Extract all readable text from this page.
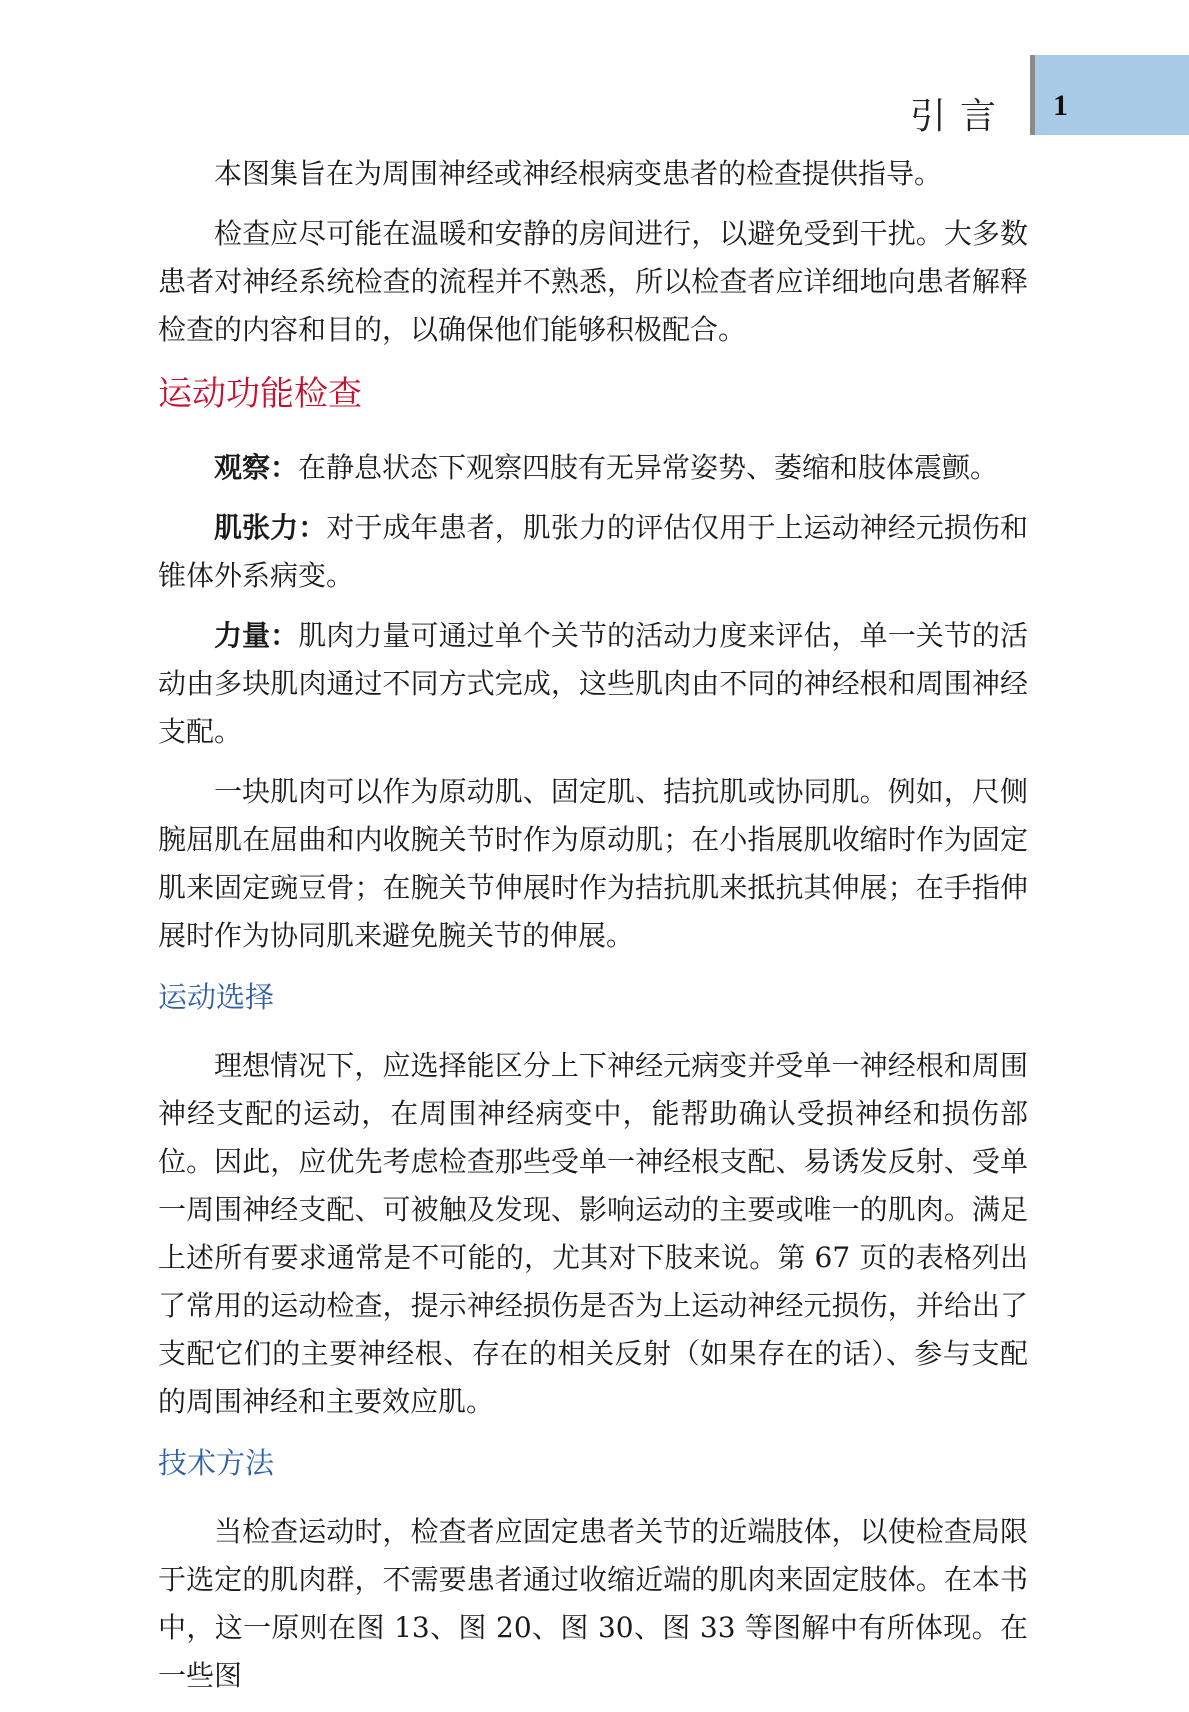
引言 1

本图集旨在为周围神经或神经根病变患者的检查提供指导。

检查应尽可能在温暖和安静的房间进行，以避免受到干扰。大多数患者对神经系统检查的流程并不熟悉，所以检查者应详细地向患者解释检查的内容和目的，以确保他们能够积极配合。

运动功能检查

观察：在静息状态下观察四肢有无异常姿势、萎缩和肢体震颤。

肌张力：对于成年患者，肌张力的评估仅用于上运动神经元损伤和锥体外系病变。

力量：肌肉力量可通过单个关节的活动力度来评估，单一关节的活动由多块肌肉通过不同方式完成，这些肌肉由不同的神经根和周围神经支配。

一块肌肉可以作为原动肌、固定肌、拮抗肌或协同肌。例如，尺侧腕屈肌在屈曲和内收腕关节时作为原动肌；在小指展肌收缩时作为固定肌来固定豌豆骨；在腕关节伸展时作为拮抗肌来抵抗其伸展；在手指伸展时作为协同肌来避免腕关节的伸展。

运动选择

理想情况下，应选择能区分上下神经元病变并受单一神经根和周围神经支配的运动，在周围神经病变中，能帮助确认受损神经和损伤部位。因此，应优先考虑检查那些受单一神经根支配、易诱发反射、受单一周围神经支配、可被触及发现、影响运动的主要或唯一的肌肉。满足上述所有要求通常是不可能的，尤其对下肢来说。第 67 页的表格列出了常用的运动检查，提示神经损伤是否为上运动神经元损伤，并给出了支配它们的主要神经根、存在的相关反射（如果存在的话）、参与支配的周围神经和主要效应肌。

技术方法

当检查运动时，检查者应固定患者关节的近端肢体，以使检查局限于选定的肌肉群，不需要患者通过收缩近端的肌肉来固定肢体。在本书中，这一原则在图 13、图 20、图 30、图 33 等图解中有所体现。在一些图
